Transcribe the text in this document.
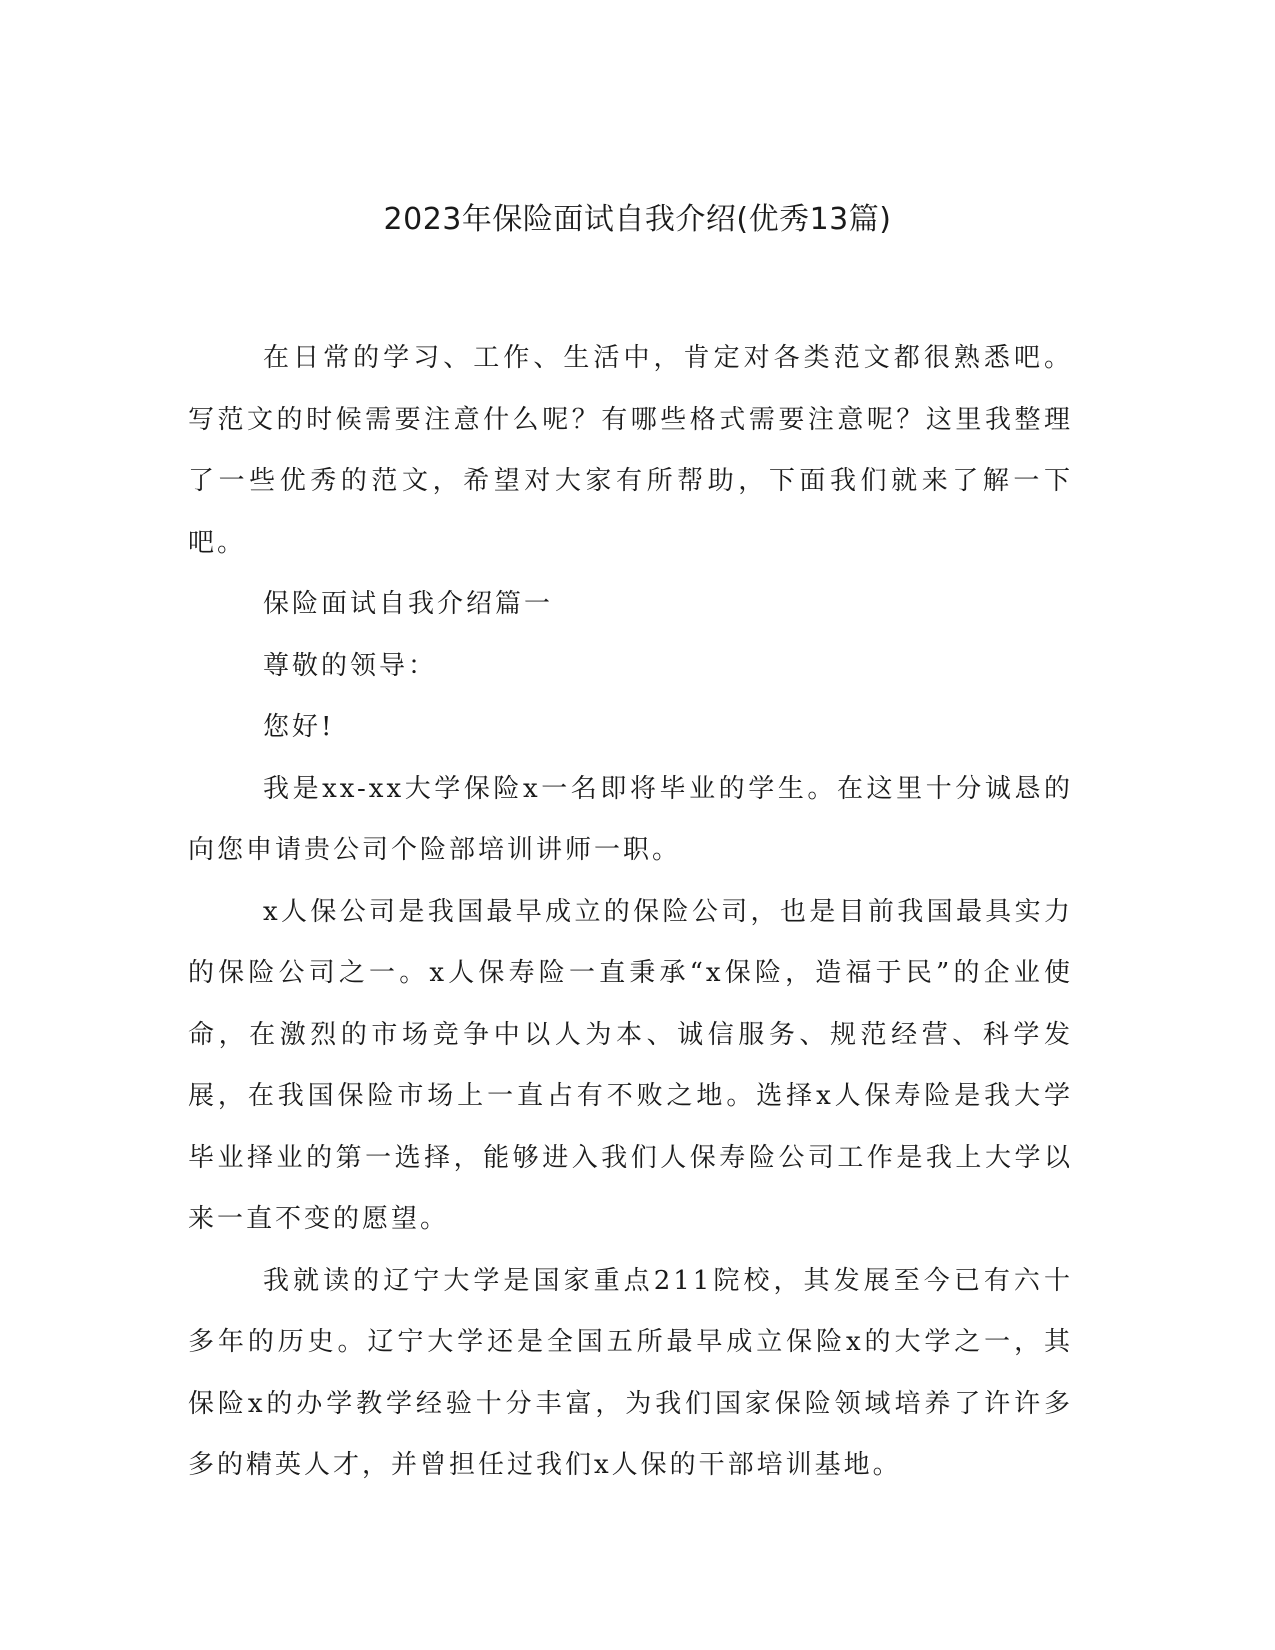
2023年保险面试自我介绍(优秀13篇)

在日常的学习、工作、生活中，肯定对各类范文都很熟悉吧。写范文的时候需要注意什么呢？有哪些格式需要注意呢？这里我整理了一些优秀的范文，希望对大家有所帮助，下面我们就来了解一下吧。

保险面试自我介绍篇一

尊敬的领导：

您好!

我是xx-xx大学保险x一名即将毕业的学生。在这里十分诚恳的向您申请贵公司个险部培训讲师一职。

x人保公司是我国最早成立的保险公司，也是目前我国最具实力的保险公司之一。x人保寿险一直秉承“x保险，造福于民”的企业使命，在激烈的市场竞争中以人为本、诚信服务、规范经营、科学发展，在我国保险市场上一直占有不败之地。选择x人保寿险是我大学毕业择业的第一选择，能够进入我们人保寿险公司工作是我上大学以来一直不变的愿望。

我就读的辽宁大学是国家重点211院校，其发展至今已有六十多年的历史。辽宁大学还是全国五所最早成立保险x的大学之一，其保险x的办学教学经验十分丰富，为我们国家保险领域培养了许许多多的精英人才，并曾担任过我们x人保的干部培训基地。
